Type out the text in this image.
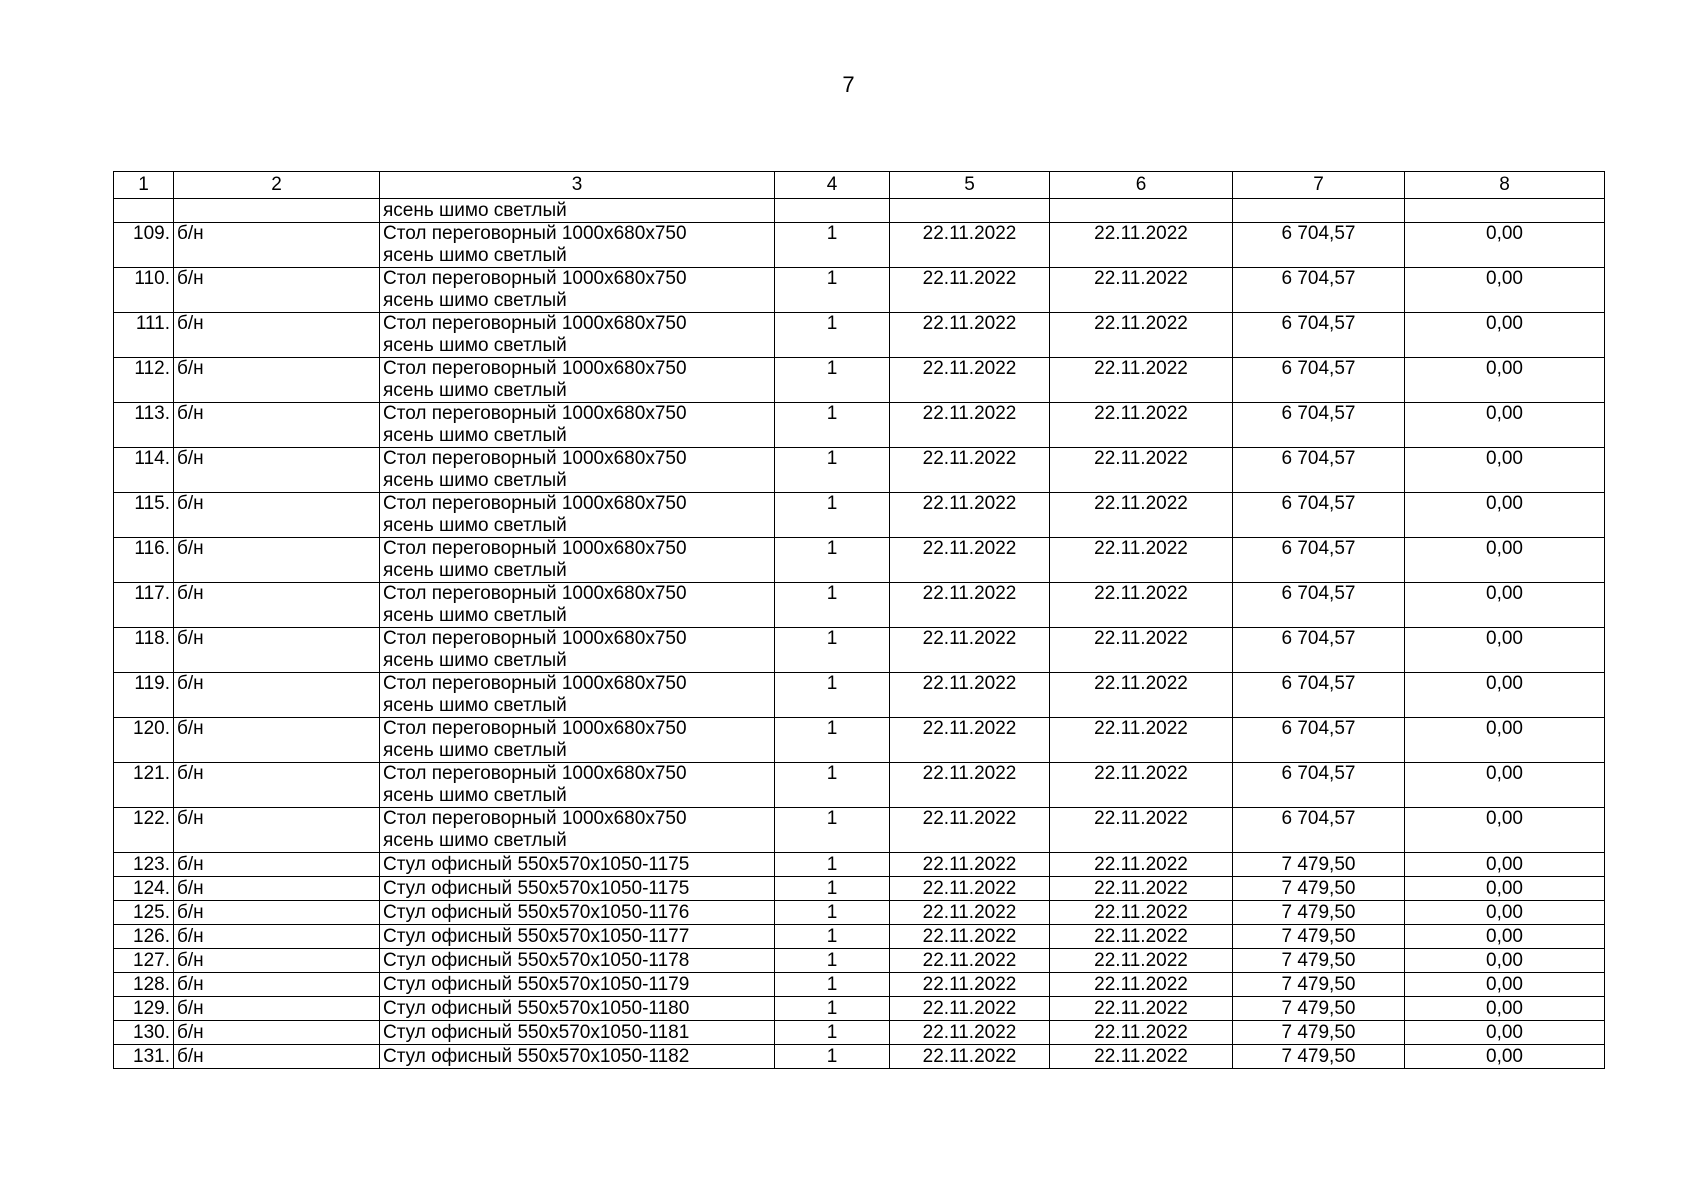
7
1	2	3	4	5	6	7	8
		ясень шимо светлый					
109.	б/н	Стол переговорный 1000х680х750
ясень шимо светлый	1	22.11.2022	22.11.2022	6 704,57	0,00
110.	б/н	Стол переговорный 1000х680х750
ясень шимо светлый	1	22.11.2022	22.11.2022	6 704,57	0,00
111.	б/н	Стол переговорный 1000х680х750
ясень шимо светлый	1	22.11.2022	22.11.2022	6 704,57	0,00
112.	б/н	Стол переговорный 1000х680х750
ясень шимо светлый	1	22.11.2022	22.11.2022	6 704,57	0,00
113.	б/н	Стол переговорный 1000х680х750
ясень шимо светлый	1	22.11.2022	22.11.2022	6 704,57	0,00
114.	б/н	Стол переговорный 1000х680х750
ясень шимо светлый	1	22.11.2022	22.11.2022	6 704,57	0,00
115.	б/н	Стол переговорный 1000х680х750
ясень шимо светлый	1	22.11.2022	22.11.2022	6 704,57	0,00
116.	б/н	Стол переговорный 1000х680х750
ясень шимо светлый	1	22.11.2022	22.11.2022	6 704,57	0,00
117.	б/н	Стол переговорный 1000х680х750
ясень шимо светлый	1	22.11.2022	22.11.2022	6 704,57	0,00
118.	б/н	Стол переговорный 1000х680х750
ясень шимо светлый	1	22.11.2022	22.11.2022	6 704,57	0,00
119.	б/н	Стол переговорный 1000х680х750
ясень шимо светлый	1	22.11.2022	22.11.2022	6 704,57	0,00
120.	б/н	Стол переговорный 1000х680х750
ясень шимо светлый	1	22.11.2022	22.11.2022	6 704,57	0,00
121.	б/н	Стол переговорный 1000х680х750
ясень шимо светлый	1	22.11.2022	22.11.2022	6 704,57	0,00
122.	б/н	Стол переговорный 1000х680х750
ясень шимо светлый	1	22.11.2022	22.11.2022	6 704,57	0,00
123.	б/н	Стул офисный 550х570х1050-1175	1	22.11.2022	22.11.2022	7 479,50	0,00
124.	б/н	Стул офисный 550х570х1050-1175	1	22.11.2022	22.11.2022	7 479,50	0,00
125.	б/н	Стул офисный 550х570х1050-1176	1	22.11.2022	22.11.2022	7 479,50	0,00
126.	б/н	Стул офисный 550х570х1050-1177	1	22.11.2022	22.11.2022	7 479,50	0,00
127.	б/н	Стул офисный 550х570х1050-1178	1	22.11.2022	22.11.2022	7 479,50	0,00
128.	б/н	Стул офисный 550х570х1050-1179	1	22.11.2022	22.11.2022	7 479,50	0,00
129.	б/н	Стул офисный 550х570х1050-1180	1	22.11.2022	22.11.2022	7 479,50	0,00
130.	б/н	Стул офисный 550х570х1050-1181	1	22.11.2022	22.11.2022	7 479,50	0,00
131.	б/н	Стул офисный 550х570х1050-1182	1	22.11.2022	22.11.2022	7 479,50	0,00
